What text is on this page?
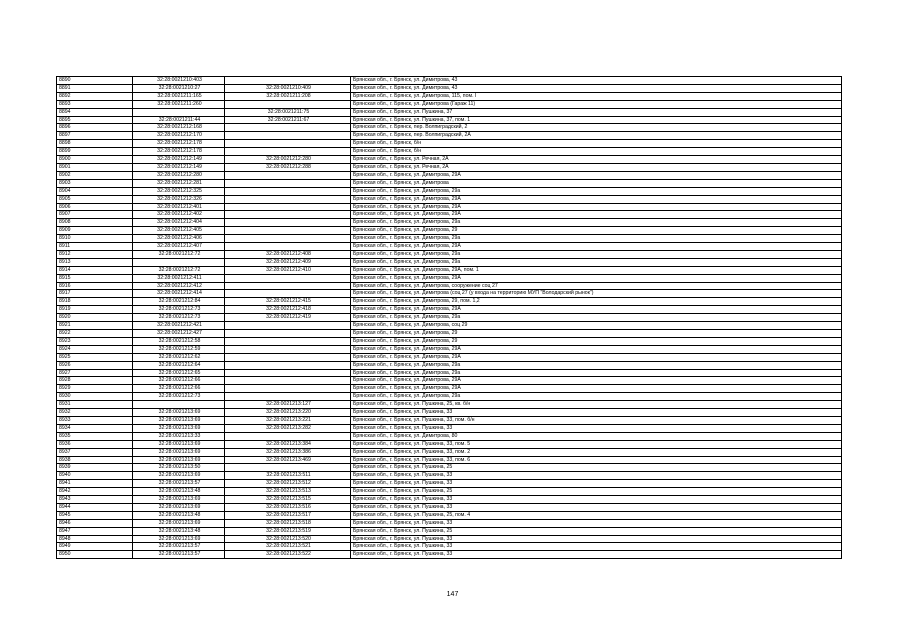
8890	32:28:0021210:403		Брянская обл., г. Брянск, ул. Димитрова, 43
8891	32:28:0021210:27	32:28:0021210:409	Брянская обл., г. Брянск, ул. Димитрова, 43
8892	32:28:0021211:165	32:28:0021211:208	Брянская обл., г. Брянск, ул. Димитрова, 115, пом. I
8893	32:28:0021211:260		Брянская обл., г. Брянск, ул. Димитрова (Гараж 11)
8894		32:28:0021211:75	Брянская обл., г. Брянск, ул. Пушкина, 37
8895	32:28:0021211:44	32:28:0021211:67	Брянская обл., г. Брянск, ул. Пушкина, 37, пом. 1
8896	32:28:0021212:168		Брянская обл., г. Брянск, пер. Волпиградский, 2
8897	32:28:0021212:170		Брянская обл., г. Брянск, пер. Волпиградский, 2А
8898	32:28:0021212:178		Брянская обл., г. Брянск, б/н
8899	32:28:0021212:178		Брянская обл., г. Брянск, б/н
8900	32:28:0021212:149	32:28:0021212:280	Брянская обл., г. Брянск, ул. Речная, 2А
8901	32:28:0021212:149	32:28:0021212:288	Брянская обл., г. Брянск, ул. Речная, 2А
8902	32:28:0021212:280		Брянская обл., г. Брянск, ул. Димитрова, 29А
8903	32:28:0021212:281		Брянская обл., г. Брянск, ул. Димитрова
8904	32:28:0021212:325		Брянская обл., г. Брянск, ул. Димитрова, 29а
8905	32:28:0021212:326		Брянская обл., г. Брянск, ул. Димитрова, 29А
8906	32:28:0021212:401		Брянская обл., г. Брянск, ул. Димитрова, 29А
8907	32:28:0021212:402		Брянская обл., г. Брянск, ул. Димитрова, 29А
8908	32:28:0021212:404		Брянская обл., г. Брянск, ул. Димитрова, 29а
8909	32:28:0021212:405		Брянская обл., г. Брянск, ул. Димитрова, 29
8910	32:28:0021212:406		Брянская обл., г. Брянск, ул. Димитрова, 29а
8911	32:28:0021212:407		Брянская обл., г. Брянск, ул. Димитрова, 29А
8912	32:28:0021212:72	32:28:0021212:408	Брянская обл., г. Брянск, ул. Димитрова, 29а
8913		32:28:0021212:409	Брянская обл., г. Брянск, ул. Димитрова, 29а
8914	32:28:0021212:72	32:28:0021212:410	Брянская обл., г. Брянск, ул. Димитрова, 29А, пом. 1
8915	32:28:0021212:411		Брянская обл., г. Брянск, ул. Димитрова, 29А
8916	32:28:0021212:412		Брянская обл., г. Брянск, ул. Димитрова, сооружение соц 27
8917	32:28:0021212:414		Брянская обл., г. Брянск, ул. Димитрова (соц 27 (у входа на территорию МУП "Володарский рынок")
8918	32:28:0021212:84	32:28:0021212:415	Брянская обл., г. Брянск, ул. Димитрова, 29, пом. 1,2
8919	32:28:0021212:73	32:28:0021212:418	Брянская обл., г. Брянск, ул. Димитрова, 29А
8920	32:28:0021212:73	32:28:0021212:419	Брянская обл., г. Брянск, ул. Димитрова, 29а
8921	32:28:0021212:421		Брянская обл., г. Брянск, ул. Димитрова, соц 29
8922	32:28:0021212:427		Брянская обл., г. Брянск, ул. Димитрова, 29
8923	32:28:0021212:58		Брянская обл., г. Брянск, ул. Димитрова, 29
8924	32:28:0021212:59		Брянская обл., г. Брянск, ул. Димитрова, 29А
8925	32:28:0021212:62		Брянская обл., г. Брянск, ул. Димитрова, 29А
8926	32:28:0021212:64		Брянская обл., г. Брянск, ул. Димитрова, 29а
8927	32:28:0021212:65		Брянская обл., г. Брянск, ул. Димитрова, 29а
8928	32:28:0021212:66		Брянская обл., г. Брянск, ул. Димитрова, 29А
8929	32:28:0021212:66		Брянская обл., г. Брянск, ул. Димитрова, 29А
8930	32:28:0021212:73		Брянская обл., г. Брянск, ул. Димитрова, 29а
8931		32:28:0021213:127	Брянская обл., г. Брянск, ул. Пушкина, 25, кв. б/н
8932	32:28:0021213:69	32:28:0021213:220	Брянская обл., г. Брянск, ул. Пушкина, 33
8933	32:28:0021213:69	32:28:0021213:221	Брянская обл., г. Брянск, ул. Пушкина, 33, пом. б/н
8934	32:28:0021213:69	32:28:0021213:282	Брянская обл., г. Брянск, ул. Пушкина, 33
8935	32:28:0021213:33		Брянская обл., г. Брянск, ул. Димитрова, 80
8936	32:28:0021213:69	32:28:0021213:384	Брянская обл., г. Брянск, ул. Пушкина, 33, пом. 5
8937	32:28:0021213:69	32:28:0021213:386	Брянская обл., г. Брянск, ул. Пушкина, 33, пом. 2
8938	32:28:0021213:69	32:28:0021213:469	Брянская обл., г. Брянск, ул. Пушкина, 33, пом. 6
8939	32:28:0021213:50		Брянская обл., г. Брянск, ул. Пушкина, 25
8940	32:28:0021213:69	32:28:0021213:511	Брянская обл., г. Брянск, ул. Пушкина, 33
8941	32:28:0021213:57	32:28:0021213:512	Брянская обл., г. Брянск, ул. Пушкина, 33
8942	32:28:0021213:48	32:28:0021213:513	Брянская обл., г. Брянск, ул. Пушкина, 25
8943	32:28:0021213:69	32:28:0021213:515	Брянская обл., г. Брянск, ул. Пушкина, 33
8944	32:28:0021213:69	32:28:0021213:516	Брянская обл., г. Брянск, ул. Пушкина, 33
8945	32:28:0021213:48	32:28:0021213:517	Брянская обл., г. Брянск, ул. Пушкина, 25, пом. 4
8946	32:28:0021213:69	32:28:0021213:518	Брянская обл., г. Брянск, ул. Пушкина, 33
8947	32:28:0021213:48	32:28:0021213:519	Брянская обл., г. Брянск, ул. Пушкина, 25
8948	32:28:0021213:69	32:28:0021213:520	Брянская обл., г. Брянск, ул. Пушкина, 33
8949	32:28:0021213:57	32:28:0021213:521	Брянская обл., г. Брянск, ул. Пушкина, 33
8950	32:28:0021213:57	32:28:0021213:522	Брянская обл., г. Брянск, ул. Пушкина, 33
147
